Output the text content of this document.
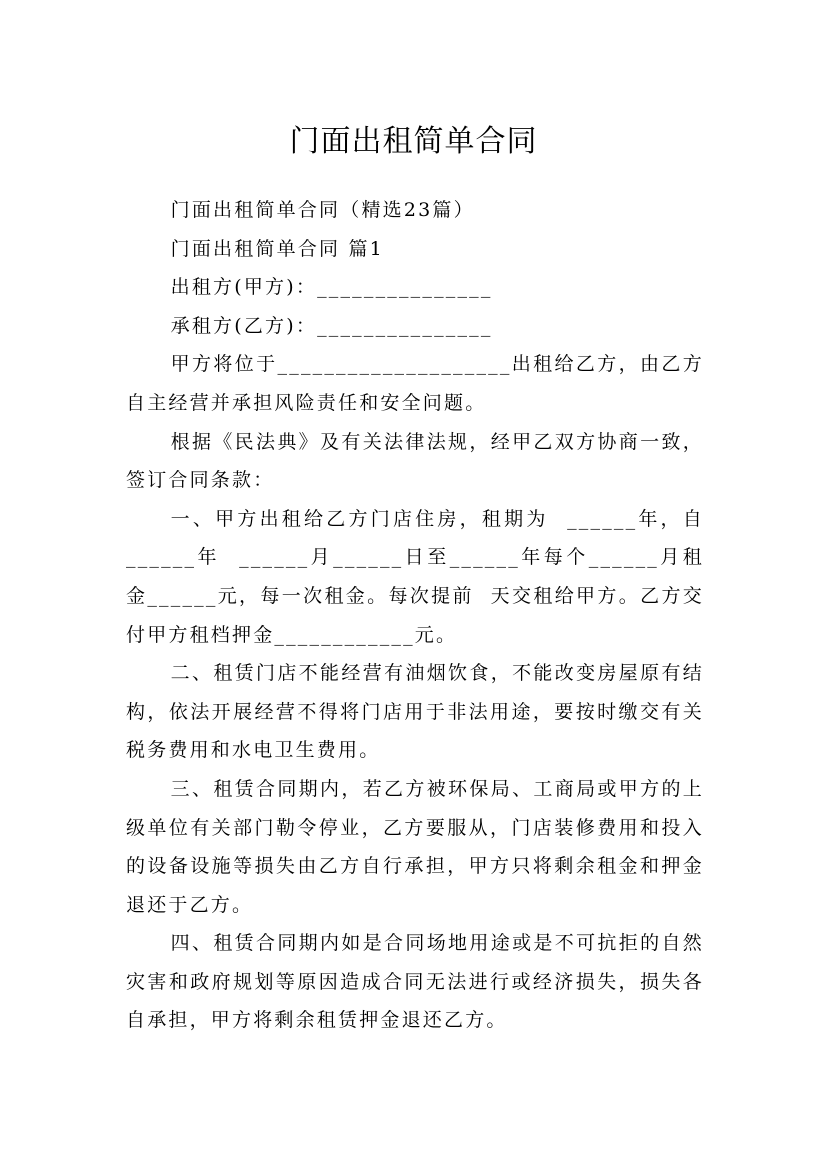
门面出租简单合同

门面出租简单合同（精选23篇）

门面出租简单合同 篇1

出租方(甲方)：_______________

承租方(乙方)：_______________

甲方将位于____________________出租给乙方，由乙方自主经营并承担风险责任和安全问题。

根据《民法典》及有关法律法规，经甲乙双方协商一致，签订合同条款：

一、甲方出租给乙方门店住房，租期为  ______年，自 ______年  ______月______日至______年每个______月租金______元，每一次租金。每次提前  天交租给甲方。乙方交付甲方租档押金____________元。

二、租赁门店不能经营有油烟饮食，不能改变房屋原有结构，依法开展经营不得将门店用于非法用途，要按时缴交有关税务费用和水电卫生费用。

三、租赁合同期内，若乙方被环保局、工商局或甲方的上级单位有关部门勒令停业，乙方要服从，门店装修费用和投入的设备设施等损失由乙方自行承担，甲方只将剩余租金和押金退还于乙方。

四、租赁合同期内如是合同场地用途或是不可抗拒的自然灾害和政府规划等原因造成合同无法进行或经济损失，损失各自承担，甲方将剩余租赁押金退还乙方。
